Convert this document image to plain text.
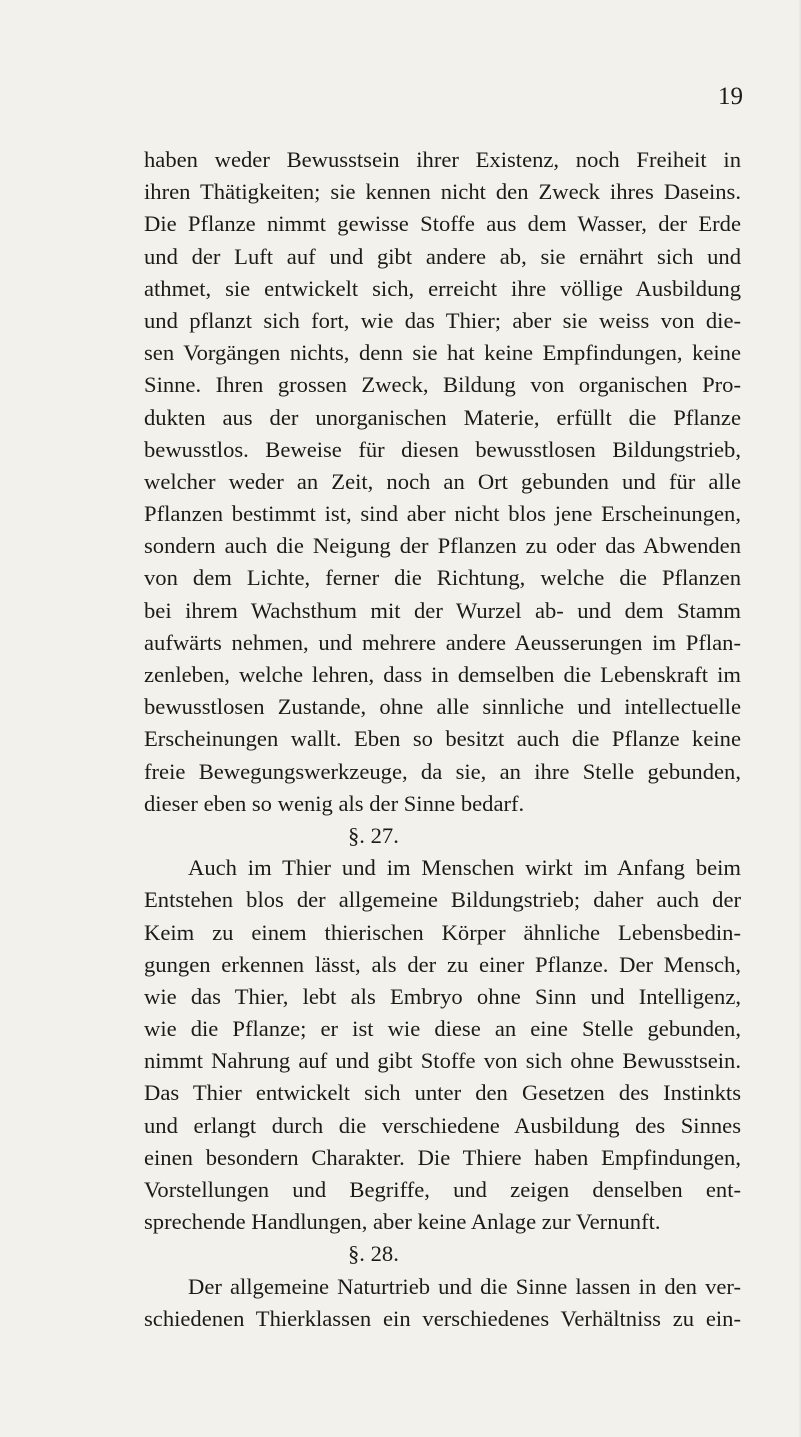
19
haben weder Bewusstsein ihrer Existenz, noch Freiheit in
ihren Thätigkeiten; sie kennen nicht den Zweck ihres Daseins.
Die Pflanze nimmt gewisse Stoffe aus dem Wasser, der Erde
und der Luft auf und gibt andere ab, sie ernährt sich und
athmet, sie entwickelt sich, erreicht ihre völlige Ausbildung
und pflanzt sich fort, wie das Thier; aber sie weiss von die-
sen Vorgängen nichts, denn sie hat keine Empfindungen, keine
Sinne. Ihren grossen Zweck, Bildung von organischen Pro-
dukten aus der unorganischen Materie, erfüllt die Pflanze
bewusstlos. Beweise für diesen bewusstlosen Bildungstrieb,
welcher weder an Zeit, noch an Ort gebunden und für alle
Pflanzen bestimmt ist, sind aber nicht blos jene Erscheinungen,
sondern auch die Neigung der Pflanzen zu oder das Abwenden
von dem Lichte, ferner die Richtung, welche die Pflanzen
bei ihrem Wachsthum mit der Wurzel ab- und dem Stamm
aufwärts nehmen, und mehrere andere Aeusserungen im Pflan-
zenleben, welche lehren, dass in demselben die Lebenskraft im
bewusstlosen Zustande, ohne alle sinnliche und intellectuelle
Erscheinungen wallt. Eben so besitzt auch die Pflanze keine
freie Bewegungswerkzeuge, da sie, an ihre Stelle gebunden,
dieser eben so wenig als der Sinne bedarf.
§. 27.
Auch im Thier und im Menschen wirkt im Anfang beim
Entstehen blos der allgemeine Bildungstrieb; daher auch der
Keim zu einem thierischen Körper ähnliche Lebensbedin-
gungen erkennen lässt, als der zu einer Pflanze. Der Mensch,
wie das Thier, lebt als Embryo ohne Sinn und Intelligenz,
wie die Pflanze; er ist wie diese an eine Stelle gebunden,
nimmt Nahrung auf und gibt Stoffe von sich ohne Bewusstsein.
Das Thier entwickelt sich unter den Gesetzen des Instinkts
und erlangt durch die verschiedene Ausbildung des Sinnes
einen besondern Charakter. Die Thiere haben Empfindungen,
Vorstellungen und Begriffe, und zeigen denselben ent-
sprechende Handlungen, aber keine Anlage zur Vernunft.
§. 28.
Der allgemeine Naturtrieb und die Sinne lassen in den ver-
schiedenen Thierklassen ein verschiedenes Verhältniss zu ein-
